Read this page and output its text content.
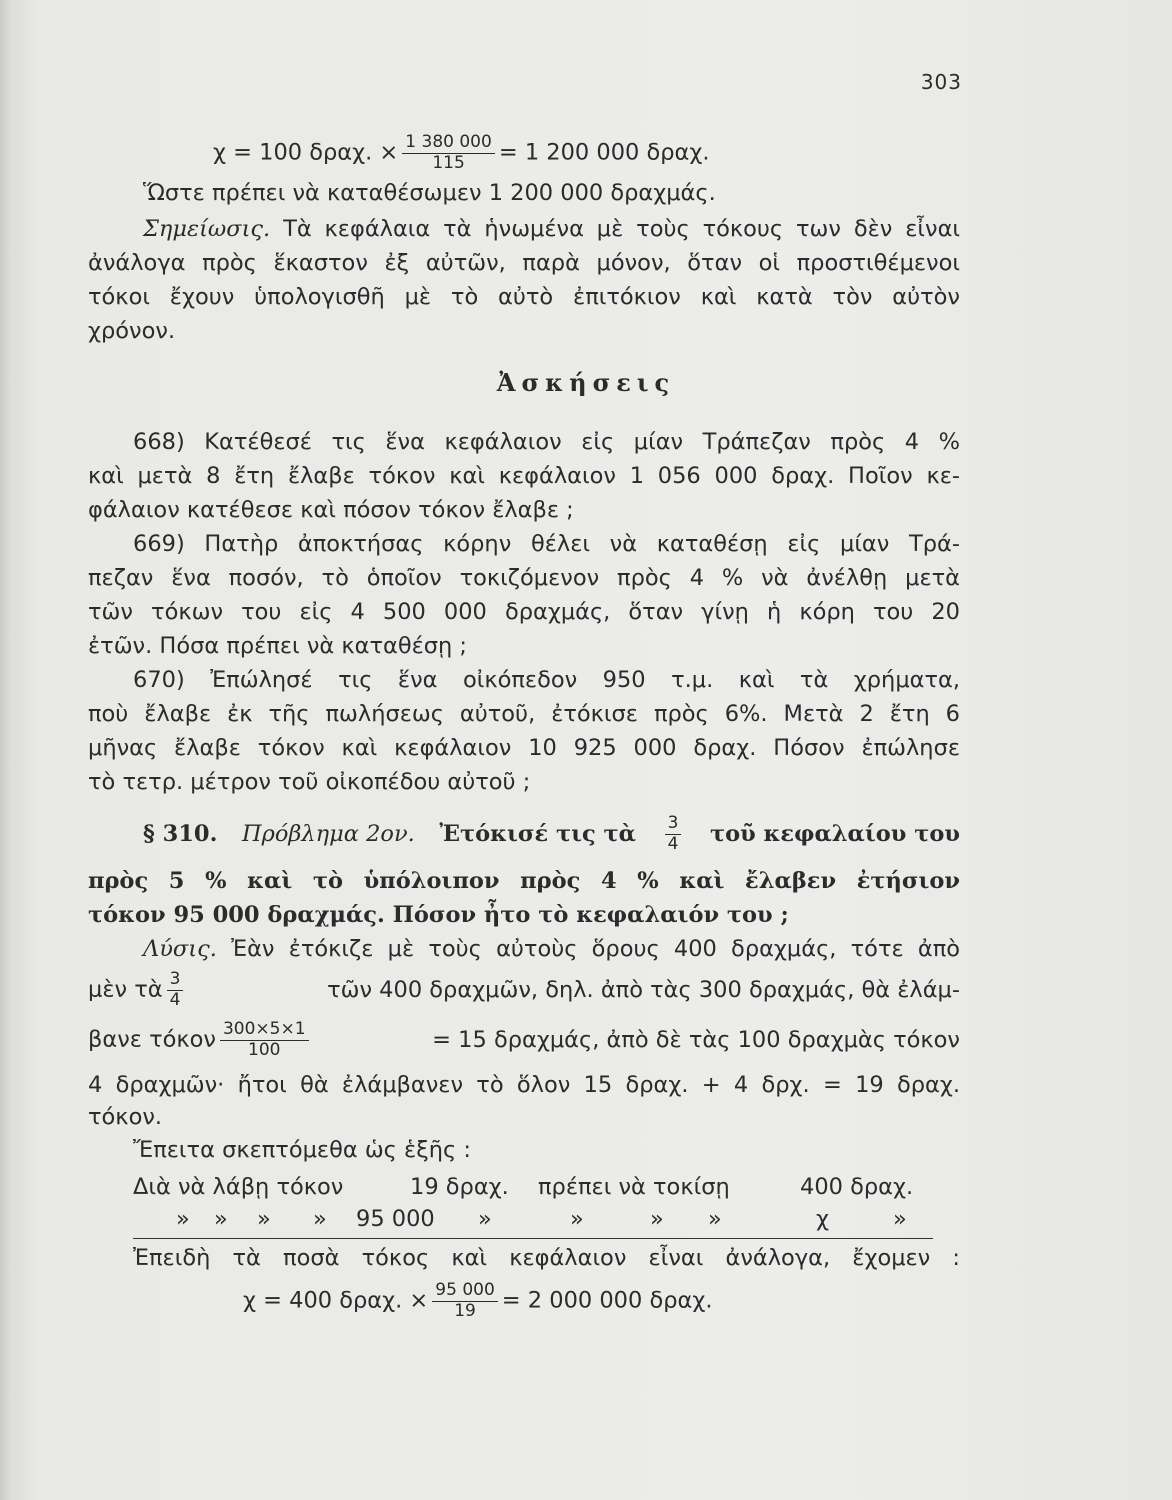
303
χ = 100 δραχ. × $\frac{1 380 000}{115} = 1$ 200 000 δραχ.
Ὥστε πρέπει νὰ καταθέσωμεν 1 200 000 δραχμάς.
Σημείωσις. Τὰ κεφάλαια τὰ ἡνωμένα μὲ τοὺς τόκους των δὲν εἶναι
ἀνάλογα πρὸς ἕκαστον ἐξ αὐτῶν, παρὰ μόνον, ὅταν οἱ προστιθέμενοι
τόκοι ἔχουν ὑπολογισθῆ μὲ τὸ αὐτὸ ἐπιτόκιον καὶ κατὰ τὸν αὐτὸν
χρόνον.
Ἀσκήσεις
668) Κατέθεσέ τις ἕνα κεφάλαιον εἰς μίαν Τράπεζαν πρὸς 4 %
καὶ μετὰ 8 ἔτη ἔλαβε τόκον καὶ κεφάλαιον 1 056 000 δραχ. Ποῖον κε-
φάλαιον κατέθεσε καὶ πόσον τόκον ἔλαβε ;
669) Πατὴρ ἀποκτήσας κόρην θέλει νὰ καταθέσῃ εἰς μίαν Τρά-
πεζαν ἕνα ποσόν, τὸ ὁποῖον τοκιζόμενον πρὸς 4 % νὰ ἀνέλθῃ μετὰ
τῶν τόκων του εἰς 4 500 000 δραχμάς, ὅταν γίνῃ ἡ κόρη του 20
ἐτῶν. Πόσα πρέπει νὰ καταθέσῃ ;
670) Ἐπώλησέ τις ἕνα οἰκόπεδον 950 τ.μ. καὶ τὰ χρήματα,
ποὺ ἔλαβε ἐκ τῆς πωλήσεως αὐτοῦ, ἐτόκισε πρὸς 6%. Μετὰ 2 ἔτη 6
μῆνας ἔλαβε τόκον καὶ κεφάλαιον 10 925 000 δραχ. Πόσον ἐπώλησε
τὸ τετρ. μέτρον τοῦ οἰκοπέδου αὐτοῦ ;
§ 310. Πρόβλημα 2ον. Ἐτόκισέ τις τὰ $\frac{3}{4}$ τοῦ κεφαλαίου του
πρὸς 5 % καὶ τὸ ὑπόλοιπον πρὸς 4 % καὶ ἔλαβεν ἐτήσιον
τόκον 95 000 δραχμάς. Πόσον ἦτο τὸ κεφαλαιόν του ;
Λύσις. Ἐὰν ἐτόκιζε μὲ τοὺς αὐτοὺς ὅρους 400 δραχμάς, τότε ἀπὸ
μὲν τὰ $\frac{3}{4}$	τῶν 400 δραχμῶν, δηλ. ἀπὸ τὰς 300 δραχμάς, θὰ ἐλάμ-
βανε τόκον $\frac{300\times 5\times 1}{100}$	= 15 δραχμάς, ἀπὸ δὲ τὰς 100 δραχμὰς τόκον
4 δραχμῶν· ἤτοι θὰ ἐλάμβανεν τὸ ὅλον 15 δραχ. + 4 δρχ. = 19 δραχ.
τόκον.
Ἔπειτα σκεπτόμεθα ὡς ἑξῆς :
Διὰ νὰ λάβῃ τόκον	19 δραχ. πρέπει νὰ τοκίσῃ	400 δραχ.
» » » » 95 000 »	»	» »	χ	»
Ἐπειδὴ τὰ ποσὰ τόκος καὶ κεφάλαιον εἶναι ἀνάλογα, ἔχομεν :
χ = 400 δραχ. × $\frac{95 000}{19} = 2$ 000 000 δραχ.
